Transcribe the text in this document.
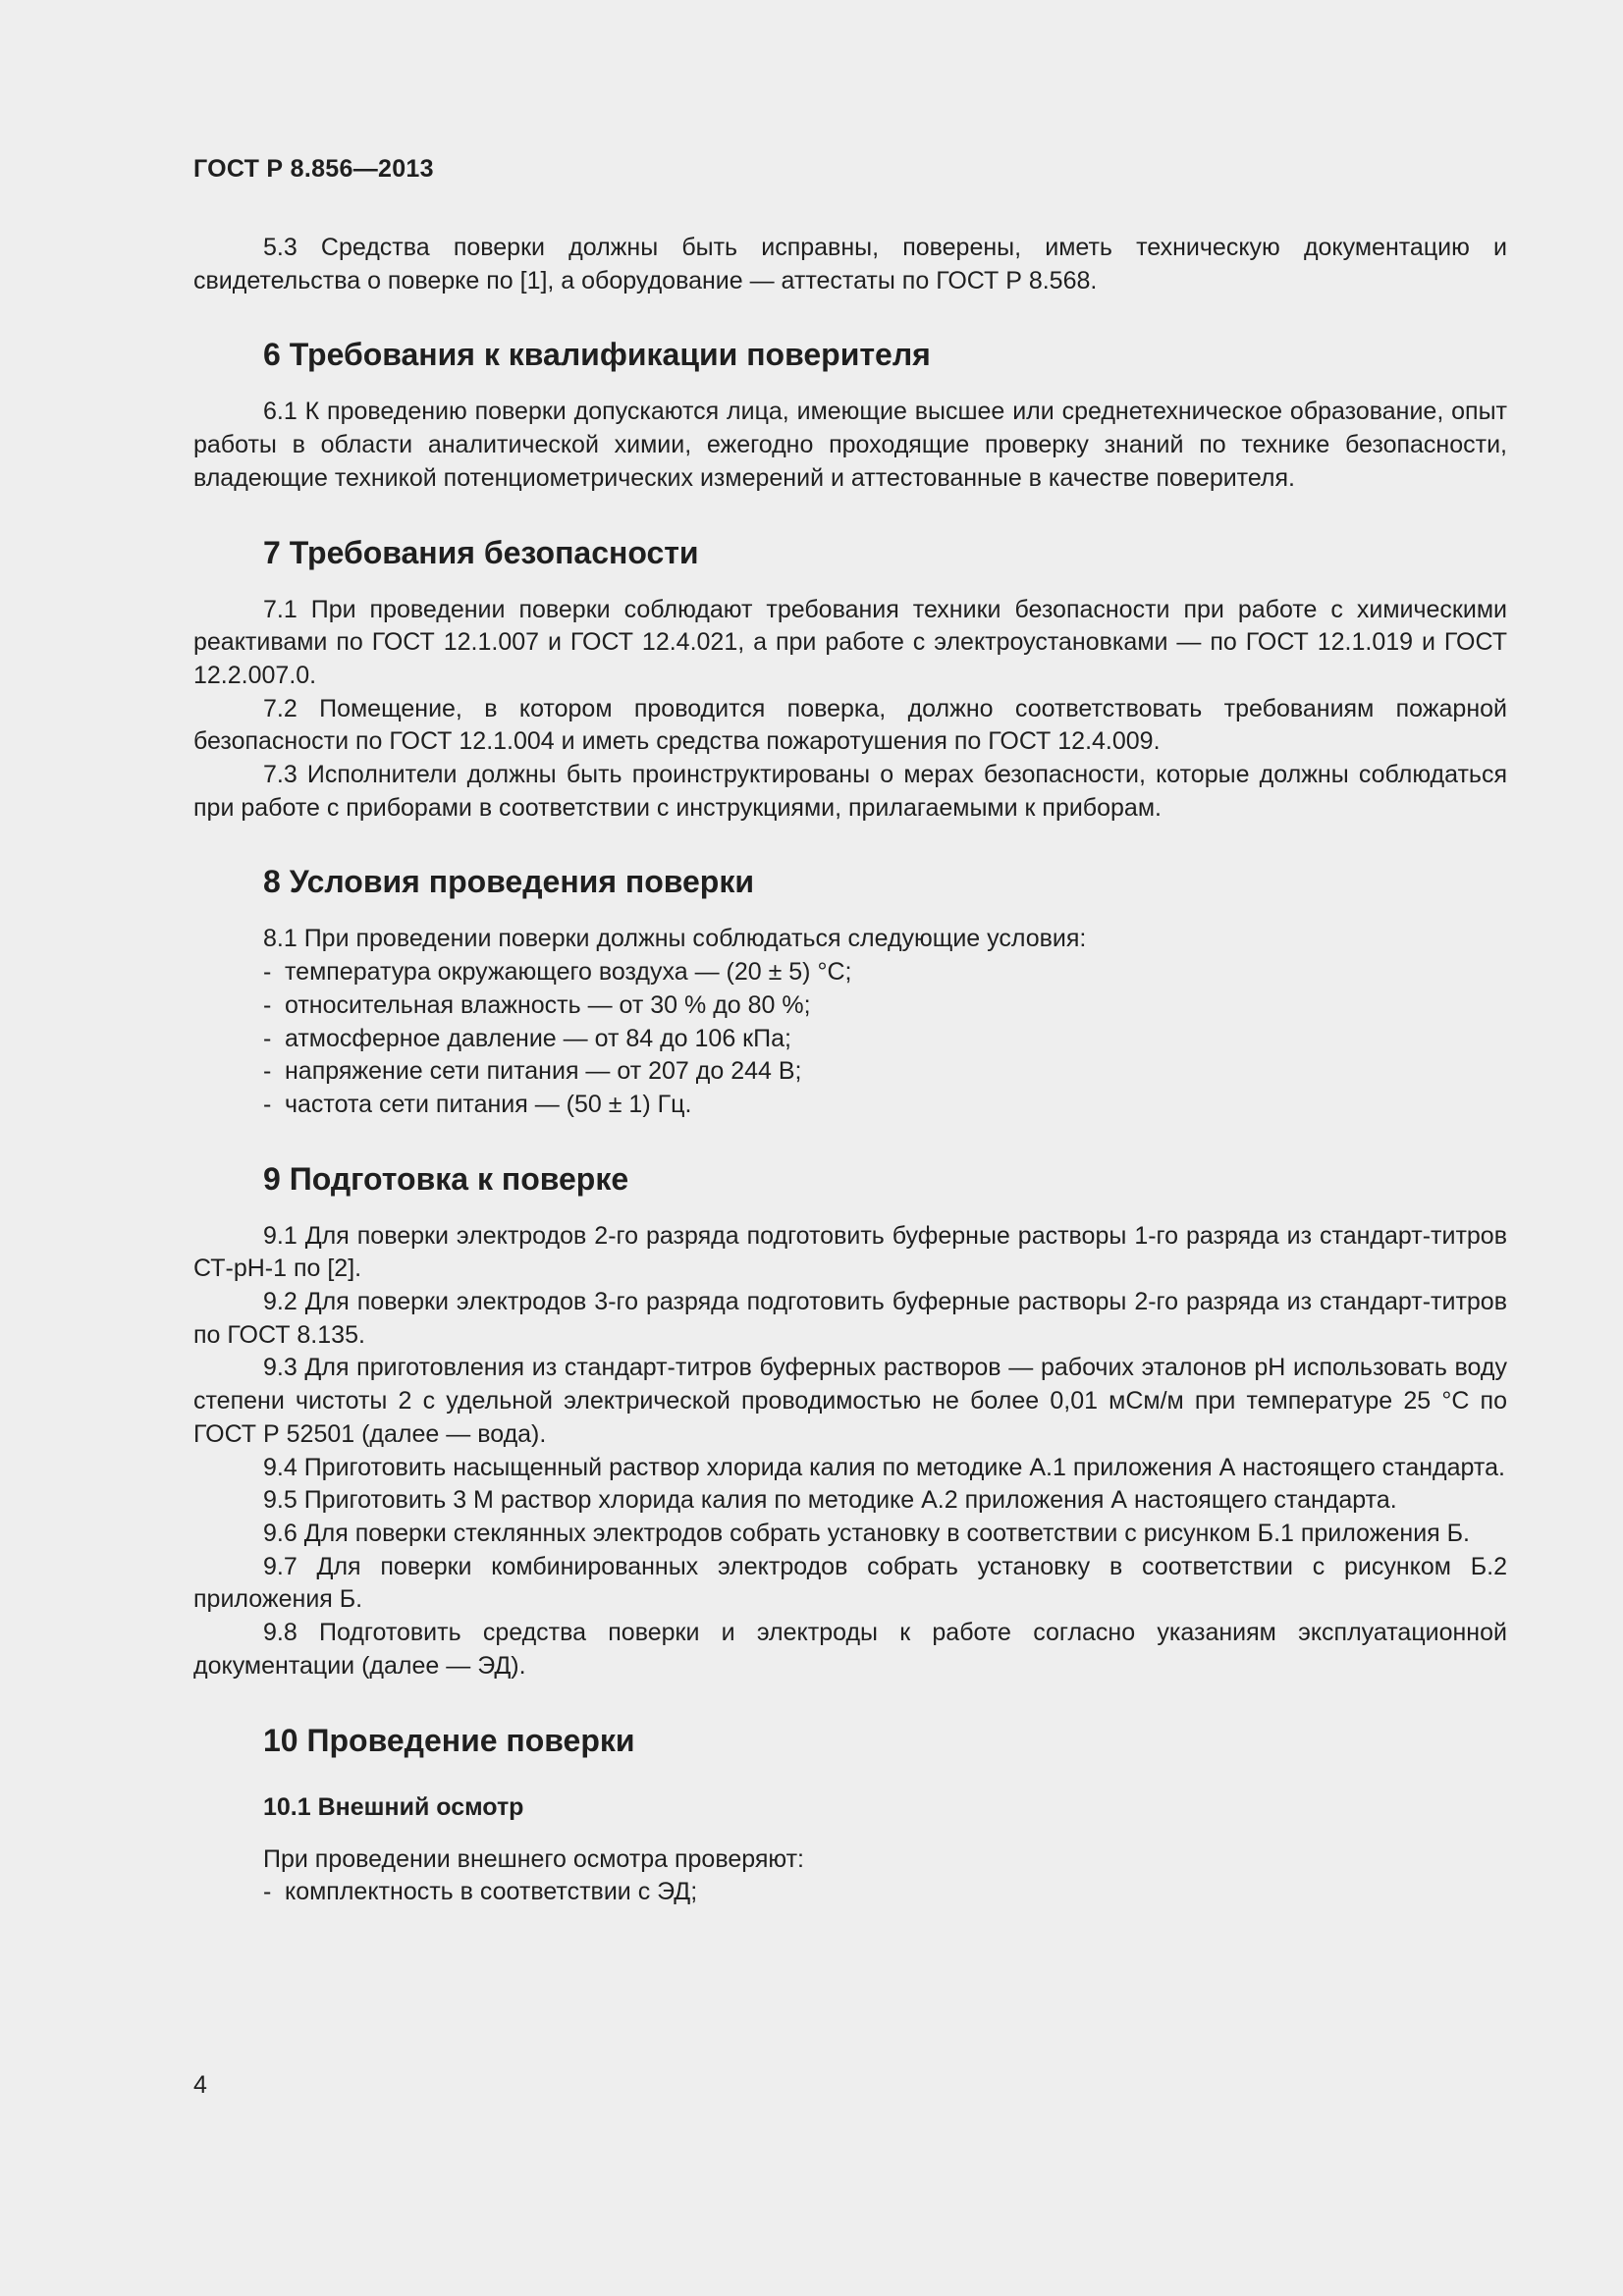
ГОСТ Р 8.856—2013

5.3 Средства поверки должны быть исправны, поверены, иметь техническую документацию и свидетельства о поверке по [1], а оборудование — аттестаты по ГОСТ Р 8.568.

6 Требования к квалификации поверителя

6.1 К проведению поверки допускаются лица, имеющие высшее или среднетехническое образование, опыт работы в области аналитической химии, ежегодно проходящие проверку знаний по технике безопасности, владеющие техникой потенциометрических измерений и аттестованные в качестве поверителя.

7 Требования безопасности

7.1 При проведении поверки соблюдают требования техники безопасности при работе с химическими реактивами по ГОСТ 12.1.007 и ГОСТ 12.4.021, а при работе с электроустановками — по ГОСТ 12.1.019 и ГОСТ 12.2.007.0.

7.2 Помещение, в котором проводится поверка, должно соответствовать требованиям пожарной безопасности по ГОСТ 12.1.004 и иметь средства пожаротушения по ГОСТ 12.4.009.

7.3 Исполнители должны быть проинструктированы о мерах безопасности, которые должны соблюдаться при работе с приборами в соответствии с инструкциями, прилагаемыми к приборам.

8 Условия проведения поверки
8.1 При проведении поверки должны соблюдаться следующие условия:
- температура окружающего воздуха — (20 ± 5) °С;
- относительная влажность — от 30 % до 80 %;
- атмосферное давление — от 84 до 106 кПа;
- напряжение сети питания — от 207 до 244 В;
- частота сети питания — (50 ± 1) Гц.
9 Подготовка к поверке

9.1 Для поверки электродов 2-го разряда подготовить буферные растворы 1-го разряда из стандарт-титров СТ-рН-1 по [2].

9.2 Для поверки электродов 3-го разряда подготовить буферные растворы 2-го разряда из стандарт-титров по ГОСТ 8.135.

9.3 Для приготовления из стандарт-титров буферных растворов — рабочих эталонов рН использовать воду степени чистоты 2 с удельной электрической проводимостью не более 0,01 мСм/м при температуре 25 °С по ГОСТ Р 52501 (далее — вода).

9.4 Приготовить насыщенный раствор хлорида калия по методике А.1 приложения А настоящего стандарта.

9.5 Приготовить 3 М раствор хлорида калия по методике А.2 приложения А настоящего стандарта.

9.6 Для поверки стеклянных электродов собрать установку в соответствии с рисунком Б.1 приложения Б.

9.7 Для поверки комбинированных электродов собрать установку в соответствии с рисунком Б.2 приложения Б.

9.8 Подготовить средства поверки и электроды к работе согласно указаниям эксплуатационной документации (далее — ЭД).

10 Проведение поверки
10.1 Внешний осмотр
При проведении внешнего осмотра проверяют:
- комплектность в соответствии с ЭД;
4
